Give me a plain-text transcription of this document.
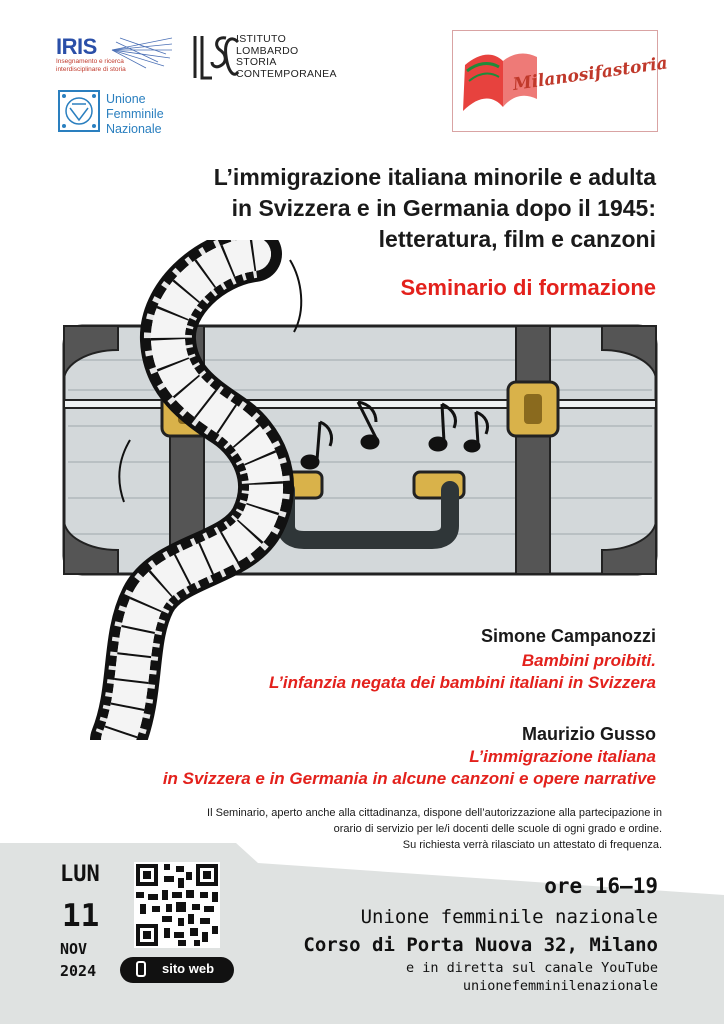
IRIS
Insegnamento e ricerca
interdisciplinare di storia
ISTITUTO
LOMBARDO
STORIA
CONTEMPORANEA
Unione
Femminile
Nazionale
Milanosifastoria
L’immigrazione italiana minorile e adulta
in Svizzera e in Germania dopo il 1945:
letteratura, film e canzoni
Seminario di formazione
Simone Campanozzi
Bambini proibiti.
L’infanzia negata dei bambini italiani in Svizzera
Maurizio Gusso
L’immigrazione italiana
in Svizzera e in Germania in alcune canzoni e opere narrative
Il Seminario, aperto anche alla cittadinanza, dispone dell’autorizzazione alla partecipazione in
orario di servizio per le/i docenti delle scuole di ogni grado e ordine.
Su richiesta verrà rilasciato un attestato di frequenza.
LUN
11
NOV
2024	sito web
ore 16–19
Unione femminile nazionale
Corso di Porta Nuova 32, Milano
e in diretta sul canale YouTube
unionefemminilenazionale
